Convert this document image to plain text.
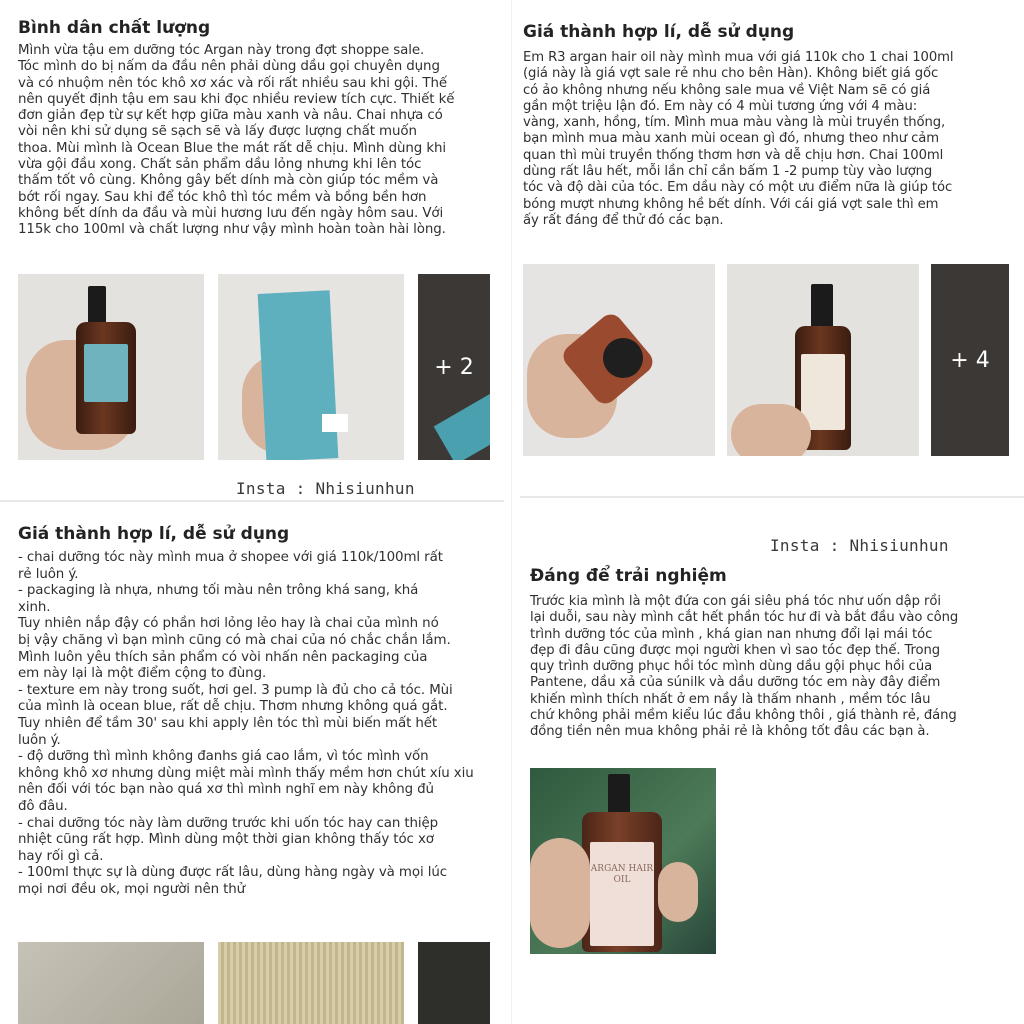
Bình dân chất lượng
Mình vừa tậu em dưỡng tóc Argan này trong đợt shoppe sale.
Tóc mình do bị nấm da đầu nên phải dùng dầu gọi chuyên dụng
và có nhuộm nên tóc khô xơ xác và rối rất nhiều sau khi gội. Thế
nên quyết định tậu em sau khi đọc nhiều review tích cực. Thiết kế
đơn giản đẹp từ sự kết hợp giữa màu xanh và nâu. Chai nhựa có
vòi nên khi sử dụng sẽ sạch sẽ và lấy được lượng chất muốn
thoa. Mùi mình là Ocean Blue the mát rất dễ chịu. Mình dùng khi
vừa gội đầu xong. Chất sản phẩm dầu lỏng nhưng khi lên tóc
thấm tốt vô cùng. Không gây bết dính mà còn giúp tóc mềm và
bớt rối ngay. Sau khi để tóc khô thì tóc mềm và bồng bền hơn
không bết dính da đầu và mùi hương lưu đến ngày hôm sau. Với
115k cho 100ml và chất lượng như vậy mình hoàn toàn hài lòng.
+ 2
Insta : Nhisiunhun
Giá thành hợp lí, dễ sử dụng
Em R3 argan hair oil này mình mua với giá 110k cho 1 chai 100ml
(giá này là giá vợt sale rẻ nhu cho bên Hàn). Không biết giá gốc
có ảo không nhưng nếu không sale mua về Việt Nam sẽ có giá
gần một triệu lận đó. Em này có 4 mùi tương ứng với 4 màu:
vàng, xanh, hồng, tím. Mình mua màu vàng là mùi truyền thống,
bạn mình mua màu xanh mùi ocean gì đó, nhưng theo như cảm
quan thì mùi truyền thống thơm hơn và dễ chịu hơn. Chai 100ml
dùng rất lâu hết, mỗi lần chỉ cần bấm 1 -2 pump tùy vào lượng
tóc và độ dài của tóc. Em dầu này có một ưu điểm nữa là giúp tóc
bóng mượt nhưng không hề bết dính. Với cái giá vợt sale thì em
ấy rất đáng để thử đó các bạn.
+ 4
Giá thành hợp lí, dễ sử dụng
- chai dưỡng tóc này mình mua ở shopee với giá 110k/100ml rất
rẻ luôn ý.
- packaging là nhựa, nhưng tối màu nên trông khá sang, khá
xinh.
Tuy nhiên nắp đậy có phần hơi lỏng lẻo hay là chai của mình nó
bị vậy chăng vì bạn mình cũng có mà chai của nó chắc chắn lắm.
Mình luôn yêu thích sản phẩm có vòi nhấn nên packaging của
em này lại là một điểm cộng to đùng.
- texture em này trong suốt, hơi gel. 3 pump là đủ cho cả tóc. Mùi
của mình là ocean blue, rất dễ chịu. Thơm nhưng không quá gắt.
Tuy nhiên để tầm 30' sau khi apply lên tóc thì mùi biến mất hết
luôn ý.
- độ dưỡng thì mình không đanhs giá cao lắm, vì tóc mình vốn
không khô xơ nhưng dùng miệt mài mình thấy mềm hơn chút xíu xiu
nên đối với tóc bạn nào quá xơ thì mình nghĩ em này không đủ
đô đâu.
- chai dưỡng tóc này làm dưỡng trước khi uốn tóc hay can thiệp
nhiệt cũng rất hợp. Mình dùng một thời gian không thấy tóc xơ
hay rối gì cả.
- 100ml thực sự là dùng được rất lâu, dùng hàng ngày và mọi lúc
mọi nơi đều ok, mọi người nên thử
Insta : Nhisiunhun
Đáng để trải nghiệm
Trước kia mình là một đứa con gái siêu phá tóc như uốn dập rồi
lại duỗi, sau này mình cắt hết phần tóc hư đi và bắt đầu vào công
trình dưỡng tóc của mình , khá gian nan nhưng đổi lại mái tóc
đẹp đi đâu cũng được mọi người khen vì sao tóc đẹp thế. Trong
quy trình dưỡng phục hồi tóc mình dùng dầu gội phục hồi của
Pantene, dầu xả của súnilk và dầu dưỡng tóc em này đây điểm
khiến mình thích nhất ở em nầy là thấm nhanh , mềm tóc lâu
chứ không phải mềm kiểu lúc đầu không thôi , giá thành rẻ, đáng
đồng tiền nên mua không phải rẻ là không tốt đâu các bạn à.
ARGAN HAIR OIL
